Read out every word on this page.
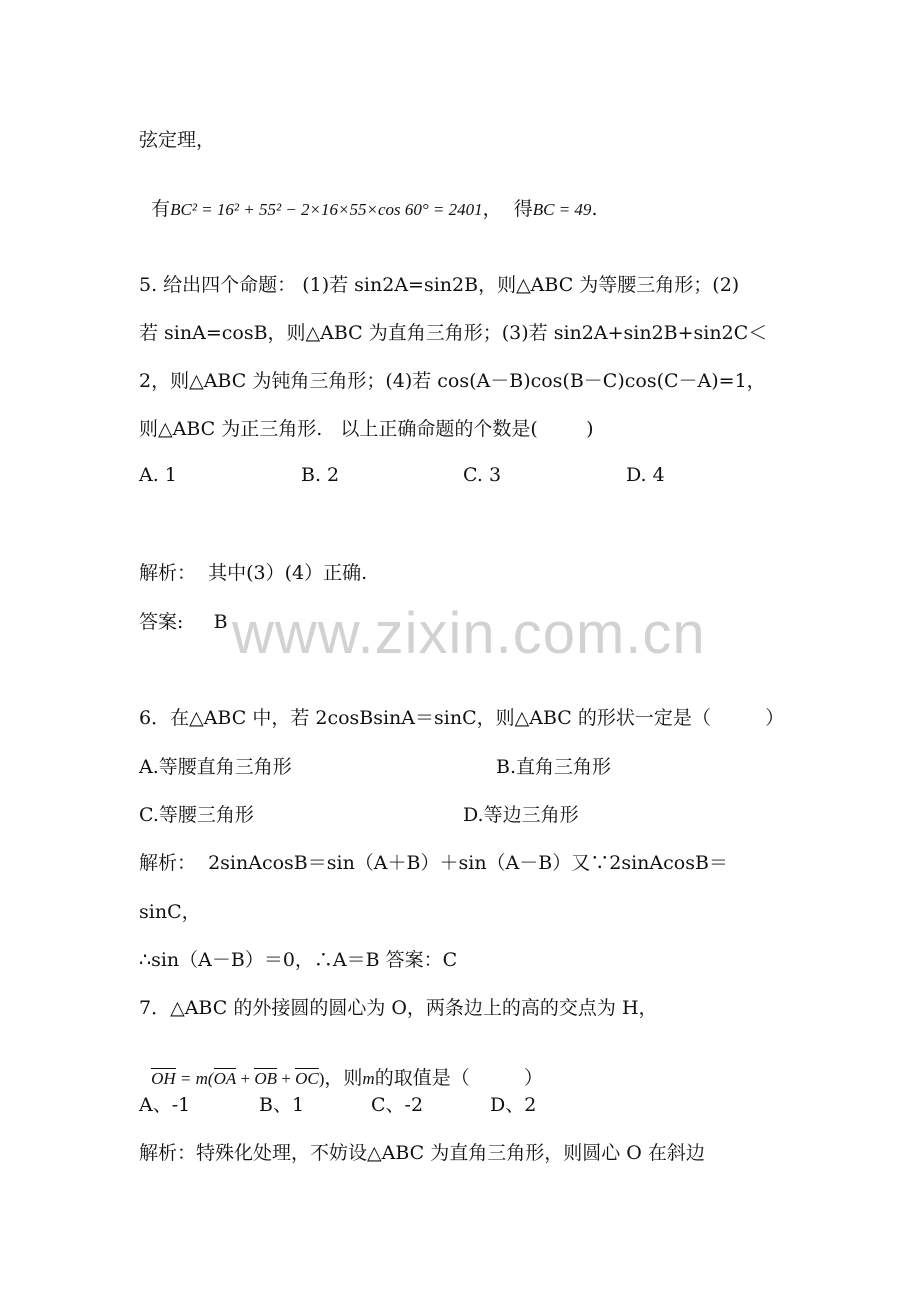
弦定理，

有BC² = 16² + 55² − 2×16×55×cos 60° = 2401，  得BC = 49.

5. 给出四个命题： (1)若 sin2A=sin2B，则△ABC 为等腰三角形；(2)
若 sinA=cosB，则△ABC 为直角三角形；(3)若 sin2A+sin2B+sin2C＜
2，则△ABC 为钝角三角形；(4)若 cos(A－B)cos(B－C)cos(C－A)=1，
则△ABC 为正三角形.   以上正确命题的个数是(        )
A. 1	B. 2	C. 3	D. 4
解析：  其中(3）(4）正确.
答案:     B www.zixin.com.cn
6．在△ABC 中，若 2cosBsinA＝sinC，则△ABC 的形状一定是（         ）
A.等腰直角三角形	B.直角三角形
C.等腰三角形	D.等边三角形
解析：  2sinAcosB＝sin（A＋B）＋sin（A－B）又∵2sinAcosB＝
sinC，
∴sin（A－B）＝0，∴A＝B 答案：C
7．△ABC 的外接圆的圆心为 O，两条边上的高的交点为 H，

OH = m(OA + OB + OC)，则m的取值是（         ）

A、-1	B、1	C、-2	D、2
解析：特殊化处理，不妨设△ABC 为直角三角形，则圆心 O 在斜边
